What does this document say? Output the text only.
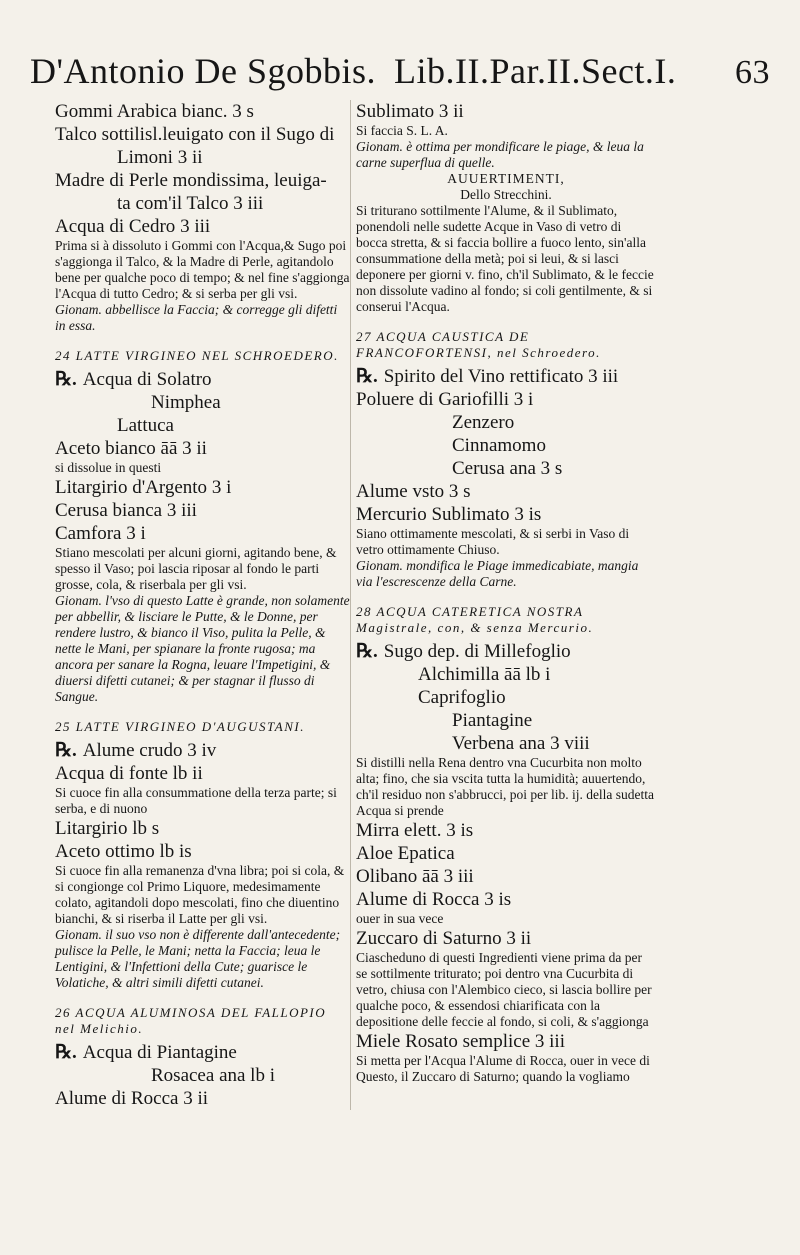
D'Antonio De Sgobbis. Lib.II.Par.II.Sect.I. 63
Gommi Arabica bianc. 3 s
Talco sottilisl.leuigato con il Sugo di
Limoni 3 ii
Madre di Perle mondissima, leuiga-
ta com'il Talco 3 iii
Acqua di Cedro 3 iii
Prima si à dissoluto i Gommi con l'Acqua,& Sugo poi s'aggionga il Talco, & la Madre di Perle, agitandolo bene per qualche poco di tempo; & nel fine s'aggionga l'Acqua di tutto Cedro; & si serba per gli vsi.
Gionam. abbellisce la Faccia; & corregge gli difetti in essa.
24 LATTE VIRGINEO NEL SCHROEDERO.
℞. Acqua di Solatro
Nimphea
Lattuca
Aceto bianco āā 3 ii
si dissolue in questi
Litargirio d'Argento 3 i
Cerusa bianca 3 iii
Camfora 3 i
Stiano mescolati per alcuni giorni, agitando bene, & spesso il Vaso; poi lascia riposar al fondo le parti grosse, cola, & riserbala per gli vsi.
Gionam. l'vso di questo Latte è grande, non solamente per abbellir, & lisciare le Putte, & le Donne, per rendere lustro, & bianco il Viso, pulita la Pelle, & nette le Mani, per spianare la fronte rugosa; ma ancora per sanare la Rogna, leuare l'Impetigini, & diuersi difetti cutanei; & per stagnar il flusso di Sangue.
25 LATTE VIRGINEO D'AUGUSTANI.
℞. Alume crudo 3 iv
Acqua di fonte lb ii
Si cuoce fin alla consummatione della terza parte; si serba, e di nuono
Litargirio lb s
Aceto ottimo lb is
Si cuoce fin alla remanenza d'vna libra; poi si cola, & si congionge col Primo Liquore, medesimamente colato, agitandoli dopo mescolati, fino che diuentino bianchi, & si riserba il Latte per gli vsi.
Gionam. il suo vso non è differente dall'antecedente; pulisce la Pelle, le Mani; netta la Faccia; leua le Lentigini, & l'Infettioni della Cute; guarisce le Volatiche, & altri simili difetti cutanei.
26 ACQUA ALUMINOSA DEL FALLOPIO nel Melichio.
℞. Acqua di Piantagine
Rosacea ana lb i
Alume di Rocca 3 ii
Sublimato 3 ii
Si faccia S. L. A.
Gionam. è ottima per mondificare le piage, & leua la carne superflua di quelle.
AUUERTIMENTI,
Dello Strecchini.
Si triturano sottilmente l'Alume, & il Sublimato, ponendoli nelle sudette Acque in Vaso di vetro di bocca stretta, & si faccia bollire a fuoco lento, sin'alla consummatione della metà; poi si leui, & si lasci deponere per giorni v. fino, ch'il Sublimato, & le feccie non dissolute vadino al fondo; si coli gentilmente, & si conserui l'Acqua.
27 ACQUA CAUSTICA DE FRANCOFORTENSI, nel Schroedero.
℞. Spirito del Vino rettificato 3 iii
Poluere di Gariofilli 3 i
Zenzero
Cinnamomo
Cerusa ana 3 s
Alume vsto 3 s
Mercurio Sublimato 3 is
Siano ottimamente mescolati, & si serbi in Vaso di vetro ottimamente Chiuso.
Gionam. mondifica le Piage immedicabiate, mangia via l'escrescenze della Carne.
28 ACQUA CATERETICA NOSTRA Magistrale, con, & senza Mercurio.
℞. Sugo dep. di Millefoglio
Alchimilla āā lb i
Caprifoglio
Piantagine
Verbena ana 3 viii
Si distilli nella Rena dentro vna Cucurbita non molto alta; fino, che sia vscita tutta la humidità; auuertendo, ch'il residuo non s'abbrucci, poi per lib. ij. della sudetta Acqua si prende
Mirra elett. 3 is
Aloe Epatica
Olibano āā 3 iii
Alume di Rocca 3 is
ouer in sua vece
Zuccaro di Saturno 3 ii
Ciascheduno di questi Ingredienti viene prima da per se sottilmente triturato; poi dentro vna Cucurbita di vetro, chiusa con l'Alembico cieco, si lascia bollire per qualche poco, & essendosi chiarificata con la depositione delle feccie al fondo, si coli, & s'aggionga
Miele Rosato semplice 3 iii
Si metta per l'Acqua l'Alume di Rocca, ouer in vece di Questo, il Zuccaro di Saturno; quando la vogliamo
